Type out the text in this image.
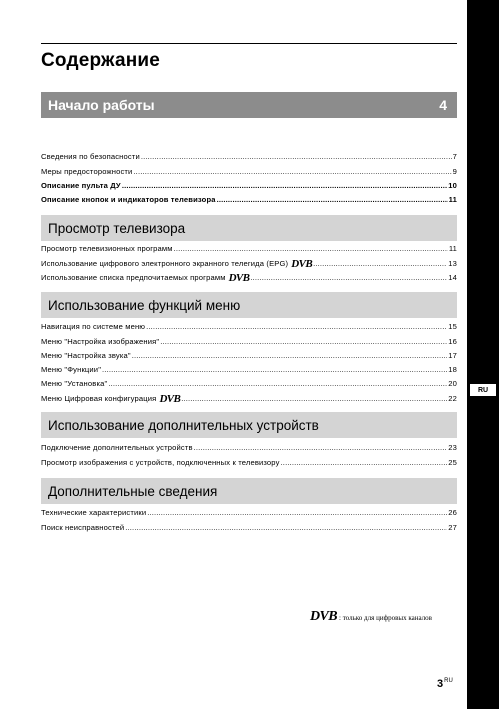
RU
Содержание
Начало работы	4
Сведения по безопасности .....	7
Меры предосторожности .....	9
Описание пульта ДУ .....	10
Описание кнопок и индикаторов телевизора .....	11
Просмотр телевизора
Просмотр телевизионных программ .....	11
Использование цифрового электронного экранного телегида (EPG) DVB .....	13
Использование списка предпочитаемых программ DVB .....	14
Использование функций меню
Навигация по системе меню .....	15
Меню "Настройка изображения" .....	16
Меню "Настройка звука" .....	17
Меню "Функции" .....	18
Меню "Установка" .....	20
Меню Цифровая конфигурация DVB .....	22
Использование дополнительных устройств
Подключение дополнительных устройств .....	23
Просмотр изображения с устройств, подключенных к телевизору .....	25
Дополнительные сведения
Технические характеристики .....	26
Поиск неисправностей .....	27
DVB : только для цифровых каналов
$3^{RU}$
